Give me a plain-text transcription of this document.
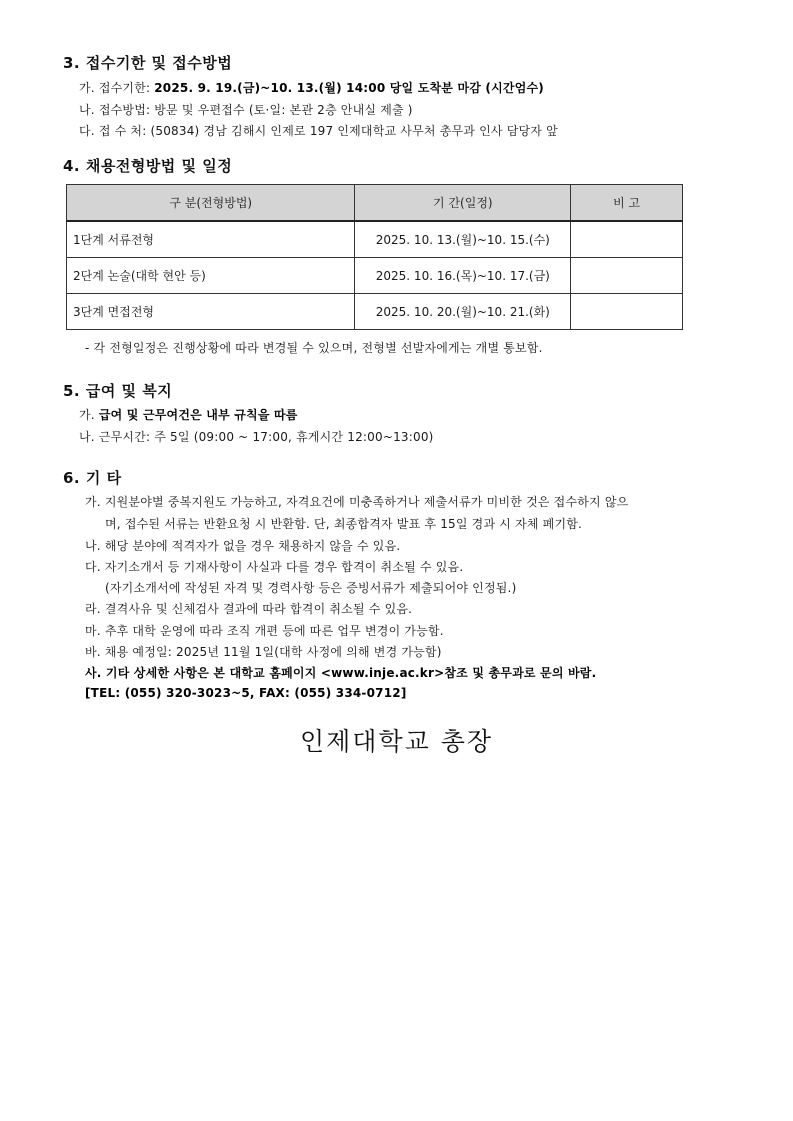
3. 접수기한 및 접수방법
가. 접수기한: 2025. 9. 19.(금)~10. 13.(월) 14:00 당일 도착분 마감 (시간엄수)
나. 접수방법: 방문 및 우편접수 (토·일: 본관 2층 안내실 제출 )
다. 접 수 처: (50834) 경남 김해시 인제로 197 인제대학교 사무처 총무과 인사 담당자 앞
4. 채용전형방법 및 일정
구 분(전형방법)	기 간(일정)	비 고
1단계 서류전형	2025. 10. 13.(월)~10. 15.(수)	
2단계 논술(대학 현안 등)	2025. 10. 16.(목)~10. 17.(금)	
3단계 면접전형	2025. 10. 20.(월)~10. 21.(화)	
- 각 전형일정은 진행상황에 따라 변경될 수 있으며, 전형별 선발자에게는 개별 통보함.
5. 급여 및 복지
가. 급여 및 근무여건은 내부 규칙을 따름
나. 근무시간: 주 5일 (09:00 ~ 17:00, 휴게시간 12:00~13:00)
6. 기 타
가. 지원분야별 중복지원도 가능하고, 자격요건에 미충족하거나 제출서류가 미비한 것은 접수하지 않으
며, 접수된 서류는 반환요청 시 반환함. 단, 최종합격자 발표 후 15일 경과 시 자체 폐기함.
나. 해당 분야에 적격자가 없을 경우 채용하지 않을 수 있음.
다. 자기소개서 등 기재사항이 사실과 다를 경우 합격이 취소될 수 있음.
(자기소개서에 작성된 자격 및 경력사항 등은 증빙서류가 제출되어야 인정됨.)
라. 결격사유 및 신체검사 결과에 따라 합격이 취소될 수 있음.
마. 추후 대학 운영에 따라 조직 개편 등에 따른 업무 변경이 가능함.
바. 채용 예정일: 2025년 11월 1일(대학 사정에 의해 변경 가능함)
사. 기타 상세한 사항은 본 대학교 홈페이지 <www.inje.ac.kr>참조 및 총무과로 문의 바람.
[TEL: (055) 320-3023~5, FAX: (055) 334-0712]
인제대학교 총장
